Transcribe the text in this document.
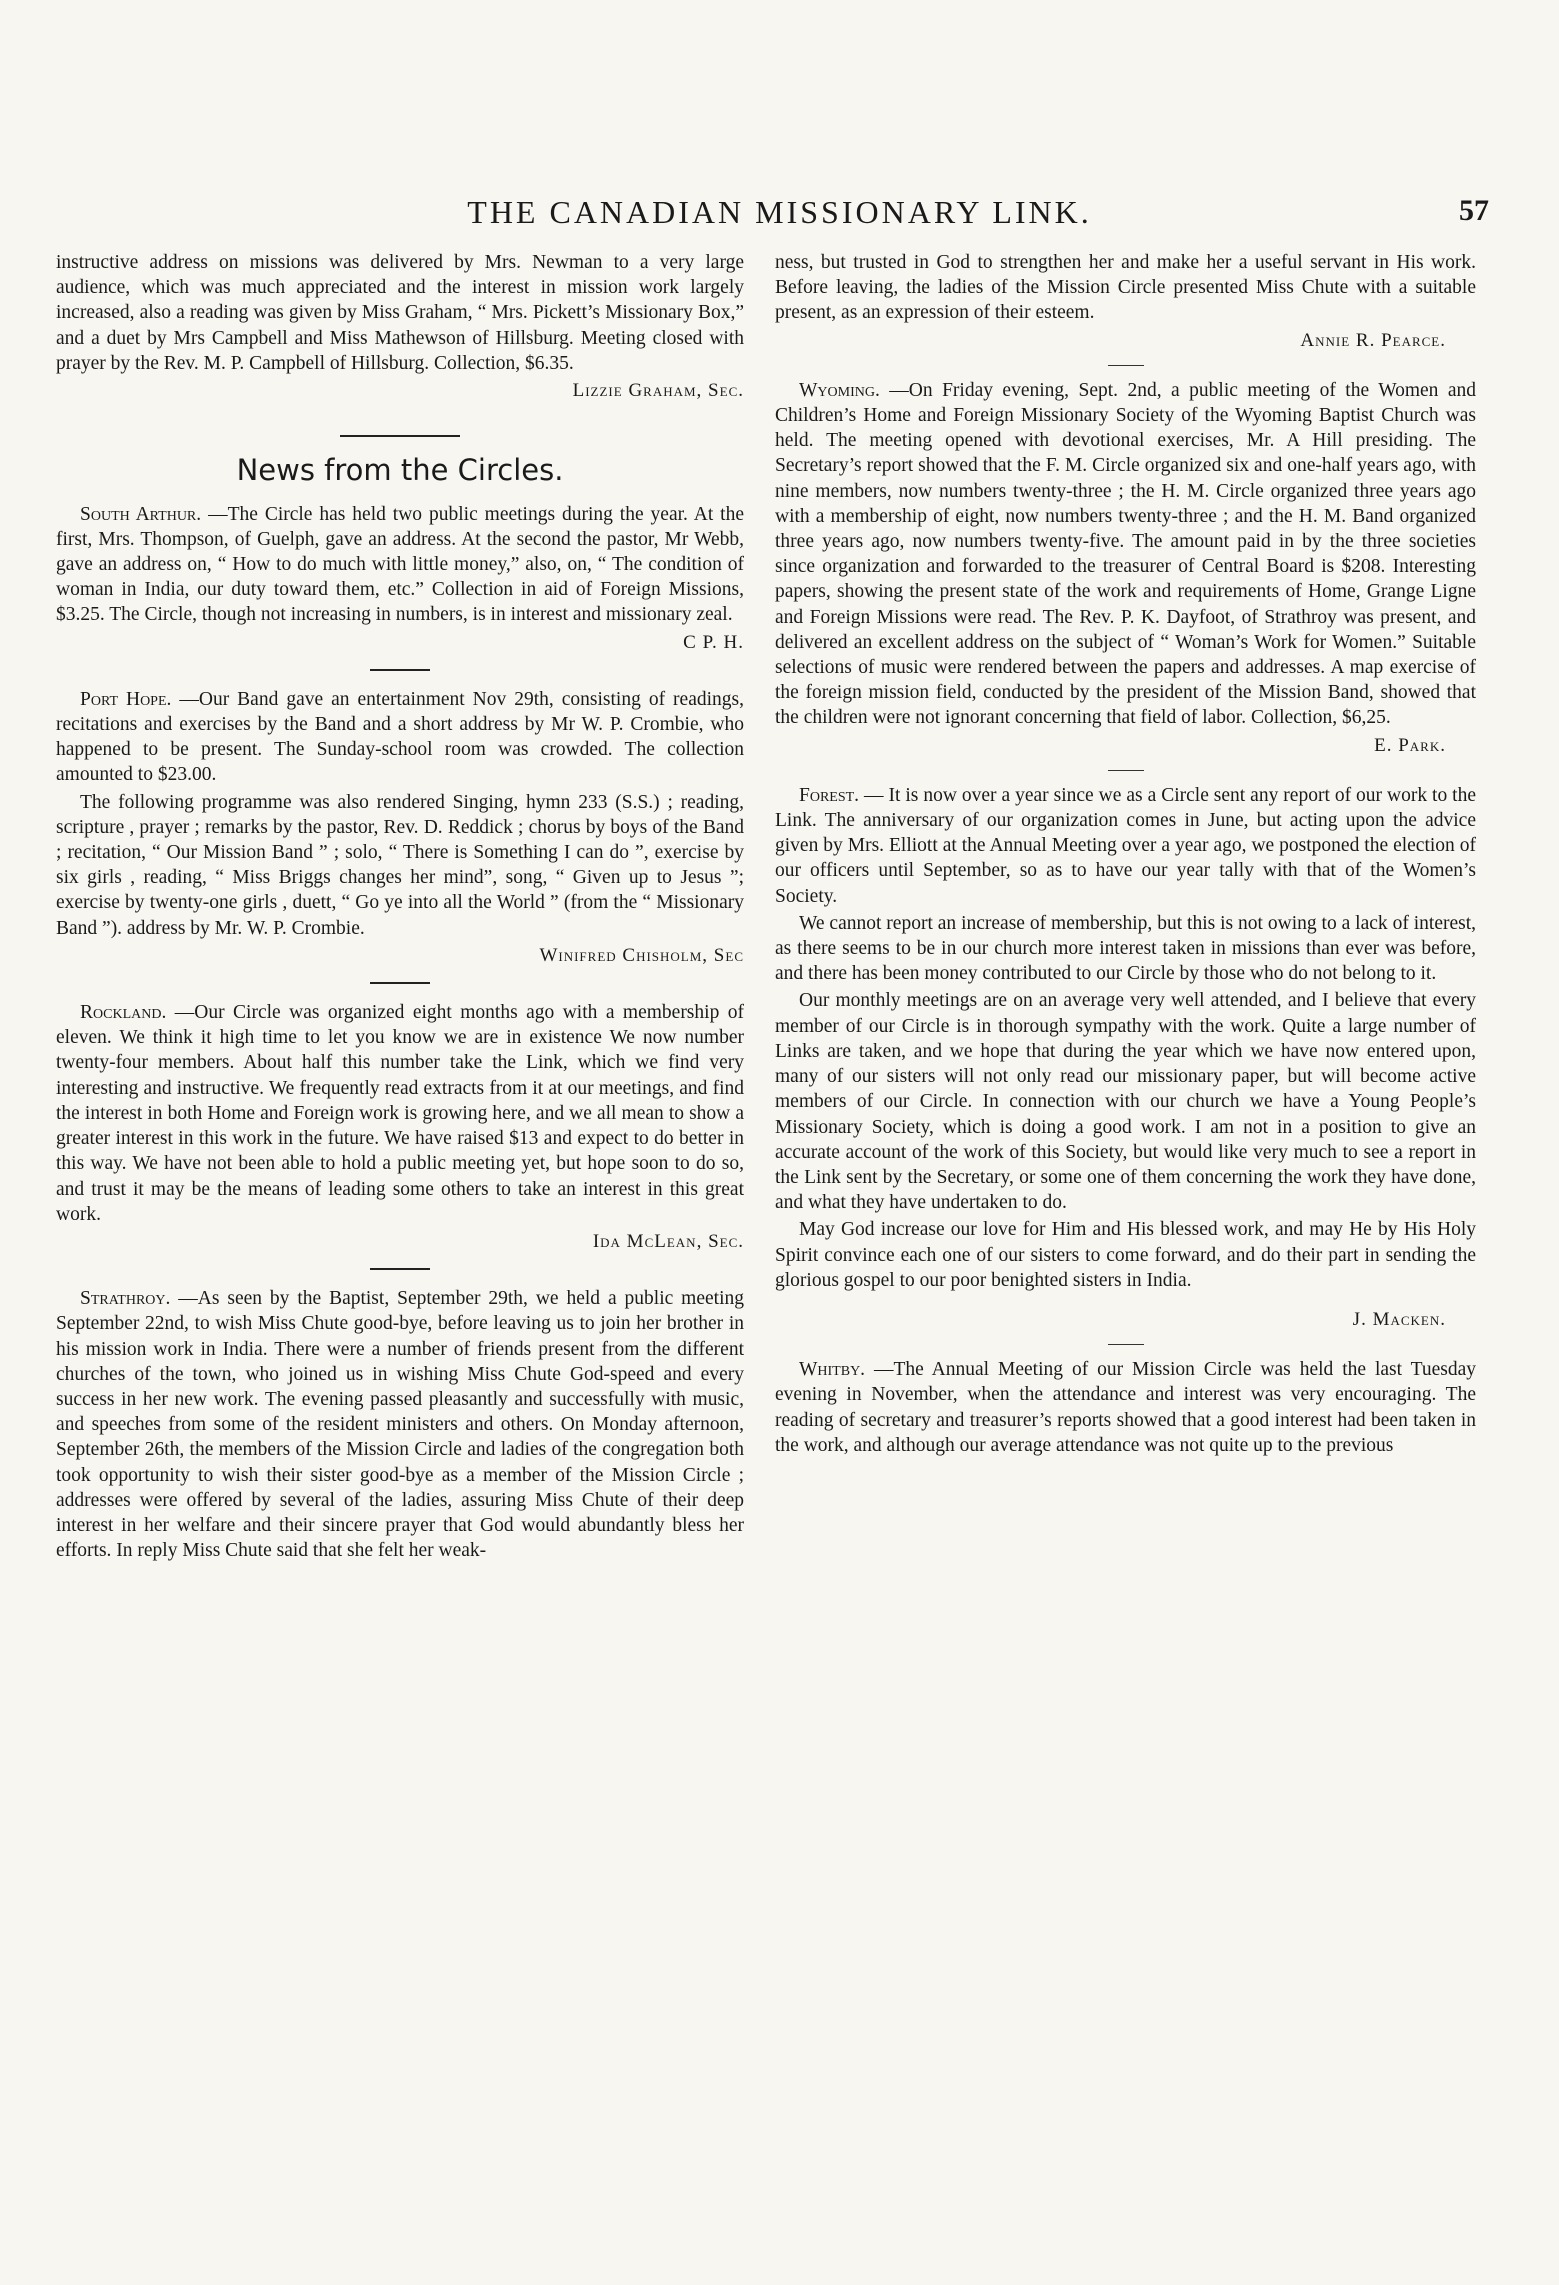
THE CANADIAN MISSIONARY LINK.	57

instructive address on missions was delivered by Mrs. Newman to a very large audience, which was much appreciated and the interest in mission work largely increased, also a reading was given by Miss Graham, “ Mrs. Pickett’s Missionary Box,” and a duet by Mrs Campbell and Miss Mathewson of Hillsburg. Meeting closed with prayer by the Rev. M. P. Campbell of Hillsburg. Collection, $6.35.

Lizzie Graham, Sec.
News from the Circles.

South Arthur. —The Circle has held two public meetings during the year. At the first, Mrs. Thompson, of Guelph, gave an address. At the second the pastor, Mr Webb, gave an address on, “ How to do much with little money,” also, on, “ The condition of woman in India, our duty toward them, etc.” Collection in aid of Foreign Missions, $3.25. The Circle, though not increasing in numbers, is in interest and missionary zeal.

C P. H.

Port Hope. —Our Band gave an entertainment Nov 29th, consisting of readings, recitations and exercises by the Band and a short address by Mr W. P. Crombie, who happened to be present. The Sunday-school room was crowded. The collection amounted to $23.00.

The following programme was also rendered Singing, hymn 233 (S.S.) ; reading, scripture , prayer ; remarks by the pastor, Rev. D. Reddick ; chorus by boys of the Band ; recitation, “ Our Mission Band ” ; solo, “ There is Something I can do ”, exercise by six girls , reading, “ Miss Briggs changes her mind”, song, “ Given up to Jesus ”; exercise by twenty-one girls , duett, “ Go ye into all the World ” (from the “ Missionary Band ”). address by Mr. W. P. Crombie.

Winifred Chisholm, Sec

Rockland. —Our Circle was organized eight months ago with a membership of eleven. We think it high time to let you know we are in existence We now number twenty-four members. About half this number take the Link, which we find very interesting and instructive. We frequently read extracts from it at our meetings, and find the interest in both Home and Foreign work is growing here, and we all mean to show a greater interest in this work in the future. We have raised $13 and expect to do better in this way. We have not been able to hold a public meeting yet, but hope soon to do so, and trust it may be the means of leading some others to take an interest in this great work.

Ida McLean, Sec.

Strathroy. —As seen by the Baptist, September 29th, we held a public meeting September 22nd, to wish Miss Chute good-bye, before leaving us to join her brother in his mission work in India. There were a number of friends present from the different churches of the town, who joined us in wishing Miss Chute God-speed and every success in her new work. The evening passed pleasantly and successfully with music, and speeches from some of the resident ministers and others. On Monday afternoon, September 26th, the members of the Mission Circle and ladies of the congregation both took opportunity to wish their sister good-bye as a member of the Mission Circle ; addresses were offered by several of the ladies, assuring Miss Chute of their deep interest in her welfare and their sincere prayer that God would abundantly bless her efforts. In reply Miss Chute said that she felt her weak-

ness, but trusted in God to strengthen her and make her a useful servant in His work. Before leaving, the ladies of the Mission Circle presented Miss Chute with a suitable present, as an expression of their esteem.

Annie R. Pearce.

Wyoming. —On Friday evening, Sept. 2nd, a public meeting of the Women and Children’s Home and Foreign Missionary Society of the Wyoming Baptist Church was held. The meeting opened with devotional exercises, Mr. A Hill presiding. The Secretary’s report showed that the F. M. Circle organized six and one-half years ago, with nine members, now numbers twenty-three ; the H. M. Circle organized three years ago with a membership of eight, now numbers twenty-three ; and the H. M. Band organized three years ago, now numbers twenty-five. The amount paid in by the three societies since organization and forwarded to the treasurer of Central Board is $208. Interesting papers, showing the present state of the work and requirements of Home, Grange Ligne and Foreign Missions were read. The Rev. P. K. Dayfoot, of Strathroy was present, and delivered an excellent address on the subject of “ Woman’s Work for Women.” Suitable selections of music were rendered between the papers and addresses. A map exercise of the foreign mission field, conducted by the president of the Mission Band, showed that the children were not ignorant concerning that field of labor. Collection, $6,25.

E. Park.

Forest. — It is now over a year since we as a Circle sent any report of our work to the Link. The anniversary of our organization comes in June, but acting upon the advice given by Mrs. Elliott at the Annual Meeting over a year ago, we postponed the election of our officers until September, so as to have our year tally with that of the Women’s Society.

We cannot report an increase of membership, but this is not owing to a lack of interest, as there seems to be in our church more interest taken in missions than ever was before, and there has been money contributed to our Circle by those who do not belong to it.

Our monthly meetings are on an average very well attended, and I believe that every member of our Circle is in thorough sympathy with the work. Quite a large number of Links are taken, and we hope that during the year which we have now entered upon, many of our sisters will not only read our missionary paper, but will become active members of our Circle. In connection with our church we have a Young People’s Missionary Society, which is doing a good work. I am not in a position to give an accurate account of the work of this Society, but would like very much to see a report in the Link sent by the Secretary, or some one of them concerning the work they have done, and what they have undertaken to do.

May God increase our love for Him and His blessed work, and may He by His Holy Spirit convince each one of our sisters to come forward, and do their part in sending the glorious gospel to our poor benighted sisters in India.

J. Macken.

Whitby. —The Annual Meeting of our Mission Circle was held the last Tuesday evening in November, when the attendance and interest was very encouraging. The reading of secretary and treasurer’s reports showed that a good interest had been taken in the work, and although our average attendance was not quite up to the previous
